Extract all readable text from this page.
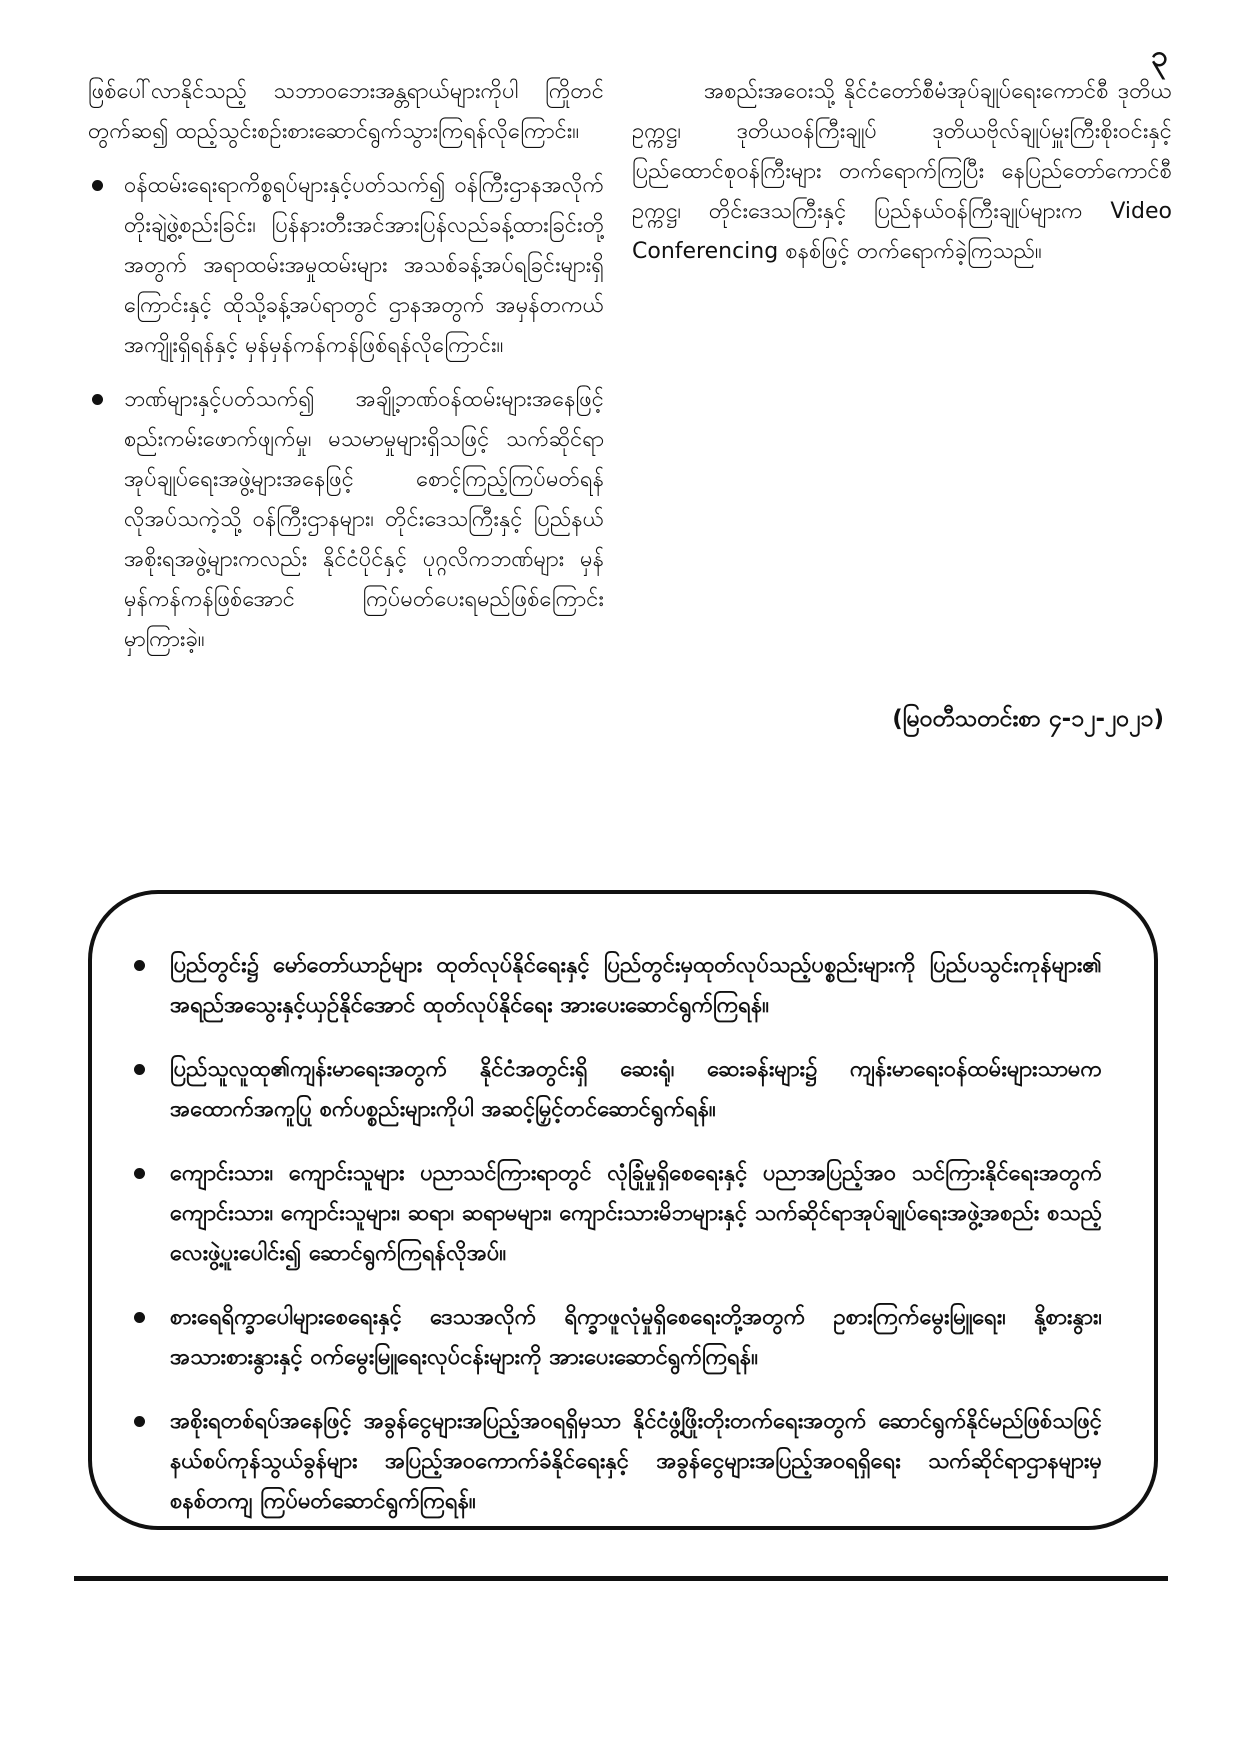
၃

ဖြစ်ပေါ်လာနိုင်သည့် သဘာဝဘေးအန္တရာယ်များကိုပါ ကြိုတင်တွက်ဆ၍ ထည့်သွင်းစဉ်းစားဆောင်ရွက်သွားကြရန်လိုကြောင်း။

ဝန်ထမ်းရေးရာကိစ္စရပ်များနှင့်ပတ်သက်၍ ဝန်ကြီးဌာနအလိုက် တိုးချဲ့ဖွဲ့စည်းခြင်း၊ ပြန်နားတီးအင်အားပြန်လည်ခန့်ထားခြင်းတို့အတွက် အရာထမ်းအမှုထမ်းများ အသစ်ခန့်အပ်ရခြင်းများရှိကြောင်းနှင့် ထိုသို့ခန့်အပ်ရာတွင် ဌာနအတွက် အမှန်တကယ်အကျိုးရှိရန်နှင့် မှန်မှန်ကန်ကန်ဖြစ်ရန်လိုကြောင်း။
ဘဏ်များနှင့်ပတ်သက်၍ အချို့ဘဏ်ဝန်ထမ်းများအနေဖြင့် စည်းကမ်းဖောက်ဖျက်မှု၊ မသမာမှုများရှိသဖြင့် သက်ဆိုင်ရာအုပ်ချုပ်ရေးအဖွဲ့များအနေဖြင့် စောင့်ကြည့်ကြပ်မတ်ရန် လိုအပ်သကဲ့သို့ ဝန်ကြီးဌာနများ၊ တိုင်းဒေသကြီးနှင့် ပြည်နယ်အစိုးရအဖွဲ့များကလည်း နိုင်ငံပိုင်နှင့် ပုဂ္ဂလိကဘဏ်များ မှန်မှန်ကန်ကန်ဖြစ်အောင် ကြပ်မတ်ပေးရမည်ဖြစ်ကြောင်း မှာကြားခဲ့။

အစည်းအဝေးသို့ နိုင်ငံတော်စီမံအုပ်ချုပ်ရေးကောင်စီ ဒုတိယဥက္ကဋ္ဌ၊ ဒုတိယဝန်ကြီးချုပ် ဒုတိယဗိုလ်ချုပ်မှူးကြီးစိုးဝင်းနှင့် ပြည်ထောင်စုဝန်ကြီးများ တက်ရောက်ကြပြီး နေပြည်တော်ကောင်စီဥက္ကဋ္ဌ၊ တိုင်းဒေသကြီးနှင့် ပြည်နယ်ဝန်ကြီးချုပ်များက Video Conferencing စနစ်ဖြင့် တက်ရောက်ခဲ့ကြသည်။

(မြဝတီသတင်းစာ ၄-၁၂-၂၀၂၁)
ပြည်တွင်း၌ မော်တော်ယာဉ်များ ထုတ်လုပ်နိုင်ရေးနှင့် ပြည်တွင်းမှထုတ်လုပ်သည့်ပစ္စည်းများကို ပြည်ပသွင်းကုန်များ၏ အရည်အသွေးနှင့်ယှဉ်နိုင်အောင် ထုတ်လုပ်နိုင်ရေး အားပေးဆောင်ရွက်ကြရန်။
ပြည်သူလူထု၏ကျန်းမာရေးအတွက် နိုင်ငံအတွင်းရှိ ဆေးရုံ၊ ဆေးခန်းများ၌ ကျန်းမာရေးဝန်ထမ်းများသာမက အထောက်အကူပြု စက်ပစ္စည်းများကိုပါ အဆင့်မြှင့်တင်ဆောင်ရွက်ရန်။
ကျောင်းသား၊ ကျောင်းသူများ ပညာသင်ကြားရာတွင် လုံခြုံမှုရှိစေရေးနှင့် ပညာအပြည့်အဝ သင်ကြားနိုင်ရေးအတွက် ကျောင်းသား၊ ကျောင်းသူများ၊ ဆရာ၊ ဆရာမများ၊ ကျောင်းသားမိဘများနှင့် သက်ဆိုင်ရာအုပ်ချုပ်ရေးအဖွဲ့အစည်း စသည့် လေးဖွဲ့ပူးပေါင်း၍ ဆောင်ရွက်ကြရန်လိုအပ်။
စားရေရိက္ခာပေါများစေရေးနှင့် ဒေသအလိုက် ရိက္ခာဖူလုံမှုရှိစေရေးတို့အတွက် ဥစားကြက်မွေးမြူရေး၊ နို့စားနွား၊ အသားစားနွားနှင့် ဝက်မွေးမြူရေးလုပ်ငန်းများကို အားပေးဆောင်ရွက်ကြရန်။
အစိုးရတစ်ရပ်အနေဖြင့် အခွန်ငွေများအပြည့်အဝရရှိမှသာ နိုင်ငံဖွံ့ဖြိုးတိုးတက်ရေးအတွက် ဆောင်ရွက်နိုင်မည်ဖြစ်သဖြင့် နယ်စပ်ကုန်သွယ်ခွန်များ အပြည့်အဝကောက်ခံနိုင်ရေးနှင့် အခွန်ငွေများအပြည့်အဝရရှိရေး သက်ဆိုင်ရာဌာနများမှ စနစ်တကျ ကြပ်မတ်ဆောင်ရွက်ကြရန်။
